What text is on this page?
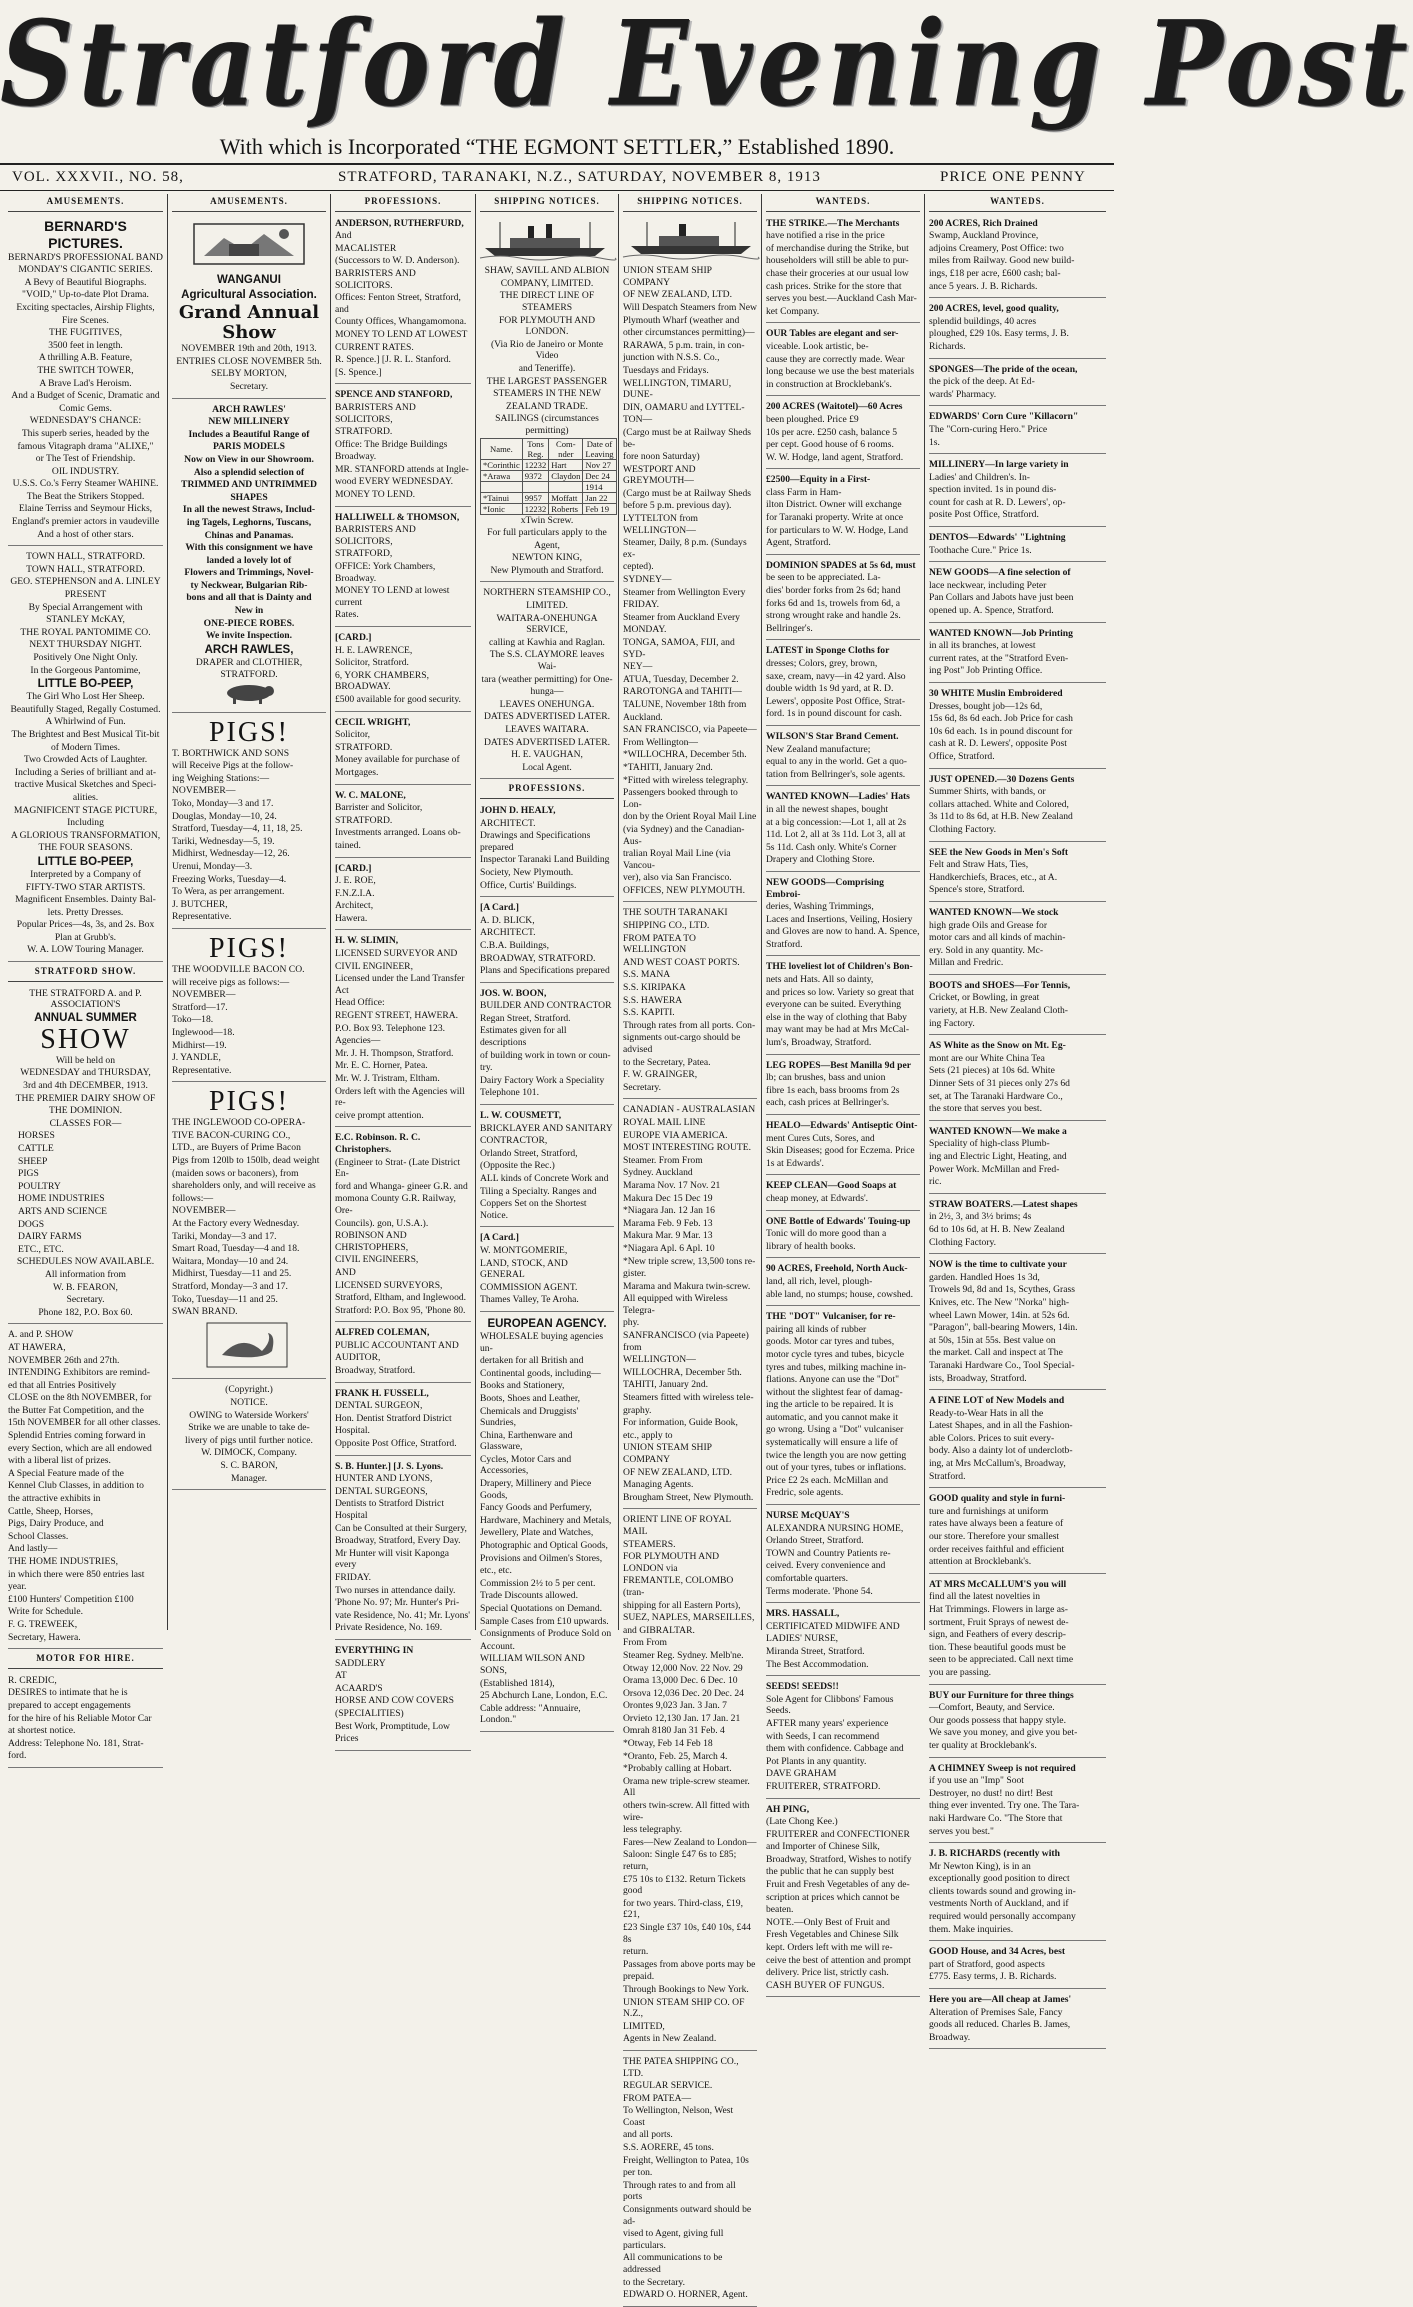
Stratford Evening Post
With which is Incorporated “THE EGMONT SETTLER,” Established 1890.
VOL. XXXVII., NO. 58,	STRATFORD, TARANAKI, N.Z., SATURDAY, NOVEMBER 8, 1913	PRICE ONE PENNY
AMUSEMENTS.
BERNARD'S PICTURES.

BERNARD'S PROFESSIONAL BAND

MONDAY'S CIGANTIC SERIES.

A Bevy of Beautiful Biographs.

"VOID," Up-to-date Plot Drama.

Exciting spectacles, Airship Flights,

Fire Scenes.

THE FUGITIVES,

3500 feet in length.

A thrilling A.B. Feature,

THE SWITCH TOWER,

A Brave Lad's Heroism.

And a Budget of Scenic, Dramatic and

Comic Gems.

WEDNESDAY'S CHANCE:

This superb series, headed by the

famous Vitagraph drama "ALIXE,"

or The Test of Friendship.

OIL INDUSTRY.

U.S.S. Co.'s Ferry Steamer WAHINE.

The Beat the Strikers Stopped.

Elaine Terriss and Seymour Hicks,

England's premier actors in vaudeville

And a host of other stars.

TOWN HALL, STRATFORD.

TOWN HALL, STRATFORD.

GEO. STEPHENSON and A. LINLEY

PRESENT

By Special Arrangement with

STANLEY McKAY,

THE ROYAL PANTOMIME CO.

NEXT THURSDAY NIGHT.

Positively One Night Only.

In the Gorgeous Pantomime,

LITTLE BO-PEEP,

The Girl Who Lost Her Sheep.

Beautifully Staged, Regally Costumed.

A Whirlwind of Fun.

The Brightest and Best Musical Tit-bit

of Modern Times.

Two Crowded Acts of Laughter.

Including a Series of brilliant and at-

tractive Musical Sketches and Speci-

alities.

MAGNIFICENT STAGE PICTURE,

Including

A GLORIOUS TRANSFORMATION,

THE FOUR SEASONS.

LITTLE BO-PEEP,

Interpreted by a Company of

FIFTY-TWO STAR ARTISTS.

Magnificent Ensembles. Dainty Bal-

lets. Pretty Dresses.

Popular Prices—4s, 3s, and 2s. Box

Plan at Grubb's.

W. A. LOW Touring Manager.

STRATFORD SHOW.
THE STRATFORD A. and P. ASSOCIATION'S
ANNUAL SUMMER
SHOW

Will be held on

WEDNESDAY and THURSDAY,

3rd and 4th DECEMBER, 1913.

THE PREMIER DAIRY SHOW OF

THE DOMINION.

CLASSES FOR—

HORSES

CATTLE

SHEEP

PIGS

POULTRY

HOME INDUSTRIES

ARTS AND SCIENCE

DOGS

DAIRY FARMS

ETC., ETC.

SCHEDULES NOW AVAILABLE.

All information from

W. B. FEARON,

Secretary.

Phone 182, P.O. Box 60.

A. and P. SHOW

AT HAWERA,

NOVEMBER 26th and 27th.

INTENDING Exhibitors are remind-

ed that all Entries Positively

CLOSE on the 8th NOVEMBER, for

the Butter Fat Competition, and the

15th NOVEMBER for all other classes.

Splendid Entries coming forward in

every Section, which are all endowed

with a liberal list of prizes.

A Special Feature made of the

Kennel Club Classes, in addition to

the attractive exhibits in

Cattle, Sheep, Horses,

Pigs, Dairy Produce, and

School Classes.

And lastly—

THE HOME INDUSTRIES,

in which there were 850 entries last

year.

£100 Hunters' Competition £100

Write for Schedule.

F. G. TREWEEK,

Secretary, Hawera.

MOTOR FOR HIRE.

R. CREDIC,

DESIRES to intimate that he is

prepared to accept engagements

for the hire of his Reliable Motor Car

at shortest notice.

Address: Telephone No. 181, Strat-

ford.

AMUSEMENTS.

WANGANUI

Agricultural Association.

Grand Annual Show

NOVEMBER 19th and 20th, 1913.

ENTRIES CLOSE NOVEMBER 5th.

SELBY MORTON,

Secretary.

ARCH RAWLES'

NEW MILLINERY

Includes a Beautiful Range of

PARIS MODELS

Now on View in our Showroom.

Also a splendid selection of

TRIMMED AND UNTRIMMED

SHAPES

In all the newest Straws, Includ-

ing Tagels, Leghorns, Tuscans,

Chinas and Panamas.

With this consignment we have

landed a lovely lot of

Flowers and Trimmings, Novel-

ty Neckwear, Bulgarian Rib-

bons and all that is Dainty and

New in

ONE-PIECE ROBES.

We invite Inspection.

ARCH RAWLES,

DRAPER and CLOTHIER,

STRATFORD.

PIGS!

T. BORTHWICK AND SONS

will Receive Pigs at the follow-

ing Weighing Stations:—

NOVEMBER—

Toko, Monday—3 and 17.

Douglas, Monday—10, 24.

Stratford, Tuesday—4, 11, 18, 25.

Tariki, Wednesday—5, 19.

Midhirst, Wednesday—12, 26.

Urenui, Monday—3.

Freezing Works, Tuesday—4.

To Wera, as per arrangement.

J. BUTCHER,

Representative.

PIGS!

THE WOODVILLE BACON CO.

will receive pigs as follows:—

NOVEMBER—

Stratford—17.

Toko—18.

Inglewood—18.

Midhirst—19.

J. YANDLE,

Representative.

PIGS!

THE INGLEWOOD CO-OPERA-

TIVE BACON-CURING CO.,

LTD., are Buyers of Prime Bacon

Pigs from 120lb to 150lb, dead weight

(maiden sows or baconers), from

shareholders only, and will receive as

follows:—

NOVEMBER—

At the Factory every Wednesday.

Tariki, Monday—3 and 17.

Smart Road, Tuesday—4 and 18.

Waitara, Monday—10 and 24.

Midhirst, Tuesday—11 and 25.

Stratford, Monday—3 and 17.

Toko, Tuesday—11 and 25.

SWAN BRAND.

(Copyright.)

NOTICE.

OWING to Waterside Workers'

Strike we are unable to take de-

livery of pigs until further notice.

W. DIMOCK, Company.

S. C. BARON,

Manager.

PROFESSIONS.

ANDERSON, RUTHERFURD,

And

MACALISTER

(Successors to W. D. Anderson).

BARRISTERS AND SOLICITORS.

Offices: Fenton Street, Stratford, and

County Offices, Whangamomona.

MONEY TO LEND AT LOWEST

CURRENT RATES.

R. Spence.] [J. R. L. Stanford.

[S. Spence.]

SPENCE AND STANFORD,

BARRISTERS AND SOLICITORS,

STRATFORD.

Office: The Bridge Buildings

Broadway.

MR. STANFORD attends at Ingle-

wood EVERY WEDNESDAY.

MONEY TO LEND.

HALLIWELL & THOMSON,

BARRISTERS AND SOLICITORS,

STRATFORD,

OFFICE: York Chambers, Broadway.

MONEY TO LEND at lowest current

Rates.

[CARD.]

H. E. LAWRENCE,

Solicitor, Stratford.

6, YORK CHAMBERS, BROADWAY.

£500 available for good security.

CECIL WRIGHT,

Solicitor,

STRATFORD.

Money available for purchase of

Mortgages.

W. C. MALONE,

Barrister and Solicitor,

STRATFORD.

Investments arranged. Loans ob-

tained.

[CARD.]

J. E. ROE,

F.N.Z.I.A.

Architect,

Hawera.

H. W. SLIMIN,

LICENSED SURVEYOR AND

CIVIL ENGINEER,

Licensed under the Land Transfer Act

Head Office:

REGENT STREET, HAWERA.

P.O. Box 93. Telephone 123.

Agencies—

Mr. J. H. Thompson, Stratford.

Mr. E. C. Horner, Patea.

Mr. W. J. Tristram, Eltham.

Orders left with the Agencies will re-

ceive prompt attention.

E.C. Robinson. R. C. Christophers.

(Engineer to Strat- (Late District En-

ford and Whanga- gineer G.R. and

momona County G.R. Railway, Ore-

Councils). gon, U.S.A.).

ROBINSON AND CHRISTOPHERS,

CIVIL ENGINEERS,

AND

LICENSED SURVEYORS,

Stratford, Eltham, and Inglewood.

Stratford: P.O. Box 95, 'Phone 80.

ALFRED COLEMAN,

PUBLIC ACCOUNTANT AND

AUDITOR,

Broadway, Stratford.

FRANK H. FUSSELL,

DENTAL SURGEON,

Hon. Dentist Stratford District

Hospital.

Opposite Post Office, Stratford.

S. B. Hunter.] [J. S. Lyons.

HUNTER AND LYONS,

DENTAL SURGEONS,

Dentists to Stratford District Hospital

Can be Consulted at their Surgery,

Broadway, Stratford, Every Day.

Mr Hunter will visit Kaponga every

FRIDAY.

Two nurses in attendance daily.

'Phone No. 97; Mr. Hunter's Pri-

vate Residence, No. 41; Mr. Lyons'

Private Residence, No. 169.

EVERYTHING IN

SADDLERY

AT

ACAARD'S

HORSE AND COW COVERS

(SPECIALITIES)

Best Work, Promptitude, Low

Prices

SHIPPING NOTICES.

SHAW, SAVILL AND ALBION

COMPANY, LIMITED.

THE DIRECT LINE OF STEAMERS

FOR PLYMOUTH AND LONDON.

(Via Rio de Janeiro or Monte Video

and Teneriffe).

THE LARGEST PASSENGER

STEAMERS IN THE NEW

ZEALAND TRADE.

SAILINGS (circumstances permitting)

Name.	Tons Reg.	Com-nder	Date of Leaving
*Corinthic	12232	Hart	Nov 27
*Arawa	9372	Claydon	Dec 24
			1914
*Tainui	9957	Moffatt	Jan 22
*Ionic	12232	Roberts	Feb 19

xTwin Screw.

For full particulars apply to the

Agent,

NEWTON KING,

New Plymouth and Stratford.

NORTHERN STEAMSHIP CO.,

LIMITED.

WAITARA-ONEHUNGA SERVICE,

calling at Kawhia and Raglan.

The S.S. CLAYMORE leaves Wai-

tara (weather permitting) for One-

hunga—

LEAVES ONEHUNGA.

DATES ADVERTISED LATER.

LEAVES WAITARA.

DATES ADVERTISED LATER.

H. E. VAUGHAN,

Local Agent.

PROFESSIONS.

JOHN D. HEALY,

ARCHITECT.

Drawings and Specifications prepared

Inspector Taranaki Land Building

Society, New Plymouth.

Office, Curtis' Buildings.

[A Card.]

A. D. BLICK,

ARCHITECT.

C.B.A. Buildings,

BROADWAY, STRATFORD.

Plans and Specifications prepared

JOS. W. BOON,

BUILDER AND CONTRACTOR

Regan Street, Stratford.

Estimates given for all descriptions

of building work in town or coun-

try.

Dairy Factory Work a Speciality

Telephone 101.

L. W. COUSMETT,

BRICKLAYER AND SANITARY

CONTRACTOR,

Orlando Street, Stratford,

(Opposite the Rec.)

ALL kinds of Concrete Work and

Tiling a Specialty. Ranges and

Coppers Set on the Shortest Notice.

[A Card.]

W. MONTGOMERIE,

LAND, STOCK, AND GENERAL

COMMISSION AGENT.

Thames Valley, Te Aroha.

EUROPEAN AGENCY.

WHOLESALE buying agencies un-

dertaken for all British and

Continental goods, including—

Books and Stationery,

Boots, Shoes and Leather,

Chemicals and Druggists' Sundries,

China, Earthenware and Glassware,

Cycles, Motor Cars and Accessories,

Drapery, Millinery and Piece Goods,

Fancy Goods and Perfumery,

Hardware, Machinery and Metals,

Jewellery, Plate and Watches,

Photographic and Optical Goods,

Provisions and Oilmen's Stores,

etc., etc.

Commission 2½ to 5 per cent.

Trade Discounts allowed.

Special Quotations on Demand.

Sample Cases from £10 upwards.

Consignments of Produce Sold on

Account.

WILLIAM WILSON AND SONS,

(Established 1814),

25 Abchurch Lane, London, E.C.

Cable address: "Annuaire, London."

SHIPPING NOTICES.

UNION STEAM SHIP COMPANY

OF NEW ZEALAND, LTD.

Will Despatch Steamers from New

Plymouth Wharf (weather and

other circumstances permitting)—

RARAWA, 5 p.m. train, in con-

junction with N.S.S. Co.,

Tuesdays and Fridays.

WELLINGTON, TIMARU, DUNE-

DIN, OAMARU and LYTTEL-

TON—

(Cargo must be at Railway Sheds be-

fore noon Saturday)

WESTPORT AND GREYMOUTH—

(Cargo must be at Railway Sheds

before 5 p.m. previous day).

LYTTELTON from WELLINGTON—

Steamer, Daily, 8 p.m. (Sundays ex-

cepted).

SYDNEY—

Steamer from Wellington Every

FRIDAY.

Steamer from Auckland Every

MONDAY.

TONGA, SAMOA, FIJI, and SYD-

NEY—

ATUA, Tuesday, December 2.

RAROTONGA and TAHITI—

TALUNE, November 18th from

Auckland.

SAN FRANCISCO, via Papeete—

From Wellington—

*WILLOCHRA, December 5th.

*TAHITI, January 2nd.

*Fitted with wireless telegraphy.

Passengers booked through to Lon-

don by the Orient Royal Mail Line

(via Sydney) and the Canadian-Aus-

tralian Royal Mail Line (via Vancou-

ver), also via San Francisco.

OFFICES, NEW PLYMOUTH.

THE SOUTH TARANAKI

SHIPPING CO., LTD.

FROM PATEA TO WELLINGTON

AND WEST COAST PORTS.

S.S. MANA

S.S. KIRIPAKA

S.S. HAWERA

S.S. KAPITI.

Through rates from all ports. Con-

signments out-cargo should be advised

to the Secretary, Patea.

F. W. GRAINGER,

Secretary.

CANADIAN - AUSTRALASIAN

ROYAL MAIL LINE

EUROPE VIA AMERICA.

MOST INTERESTING ROUTE.

Steamer. From From

Sydney. Auckland

Marama Nov. 17 Nov. 21

Makura Dec 15 Dec 19

*Niagara Jan. 12 Jan 16

Marama Feb. 9 Feb. 13

Makura Mar. 9 Mar. 13

*Niagara Apl. 6 Apl. 10

*New triple screw, 13,500 tons re-

gister.

Marama and Makura twin-screw.

All equipped with Wireless Telegra-

phy.

SANFRANCISCO (via Papeete) from

WELLINGTON—

WILLOCHRA, December 5th.

TAHITI, January 2nd.

Steamers fitted with wireless tele-

graphy.

For information, Guide Book,

etc., apply to

UNION STEAM SHIP COMPANY

OF NEW ZEALAND, LTD.

Managing Agents.

Brougham Street, New Plymouth.

ORIENT LINE OF ROYAL MAIL

STEAMERS.

FOR PLYMOUTH AND LONDON via

FREMANTLE, COLOMBO (tran-

shipping for all Eastern Ports),

SUEZ, NAPLES, MARSEILLES,

and GIBRALTAR.

From From

Steamer Reg. Sydney. Melb'ne.

Otway 12,000 Nov. 22 Nov. 29

Orama 13,000 Dec. 6 Dec. 10

Orsova 12,036 Dec. 20 Dec. 24

Orontes 9,023 Jan. 3 Jan. 7

Orvieto 12,130 Jan. 17 Jan. 21

Omrah 8180 Jan 31 Feb. 4

*Otway, Feb 14 Feb 18

*Oranto, Feb. 25, March 4.

*Probably calling at Hobart.

Orama new triple-screw steamer. All

others twin-screw. All fitted with wire-

less telegraphy.

Fares—New Zealand to London—

Saloon: Single £47 6s to £85; return,

£75 10s to £132. Return Tickets good

for two years. Third-class, £19, £21,

£23 Single £37 10s, £40 10s, £44 8s

return.

Passages from above ports may be

prepaid.

Through Bookings to New York.

UNION STEAM SHIP CO. OF N.Z.,

LIMITED,

Agents in New Zealand.

THE PATEA SHIPPING CO., LTD.

REGULAR SERVICE.

FROM PATEA—

To Wellington, Nelson, West Coast

and all ports.

S.S. AORERE, 45 tons.

Freight, Wellington to Patea, 10s

per ton.

Through rates to and from all ports

Consignments outward should be ad-

vised to Agent, giving full particulars.

All communications to be addressed

to the Secretary.

EDWARD O. HORNER, Agent.

WANTEDS.

THE STRIKE.—The Merchants

have notified a rise in the price

of merchandise during the Strike, but

householders will still be able to pur-

chase their groceries at our usual low

cash prices. Strike for the store that

serves you best.—Auckland Cash Mar-

ket Company.

OUR Tables are elegant and ser-

viceable. Look artistic, be-

cause they are correctly made. Wear

long because we use the best materials

in construction at Brocklebank's.

200 ACRES (Waitotel)—60 Acres

been ploughed. Price £9

10s per acre. £250 cash, balance 5

per cept. Good house of 6 rooms.

W. W. Hodge, land agent, Stratford.

£2500—Equity in a First-

class Farm in Ham-

ilton District. Owner will exchange

for Taranaki property. Write at once

for particulars to W. W. Hodge, Land

Agent, Stratford.

DOMINION SPADES at 5s 6d, must

be seen to be appreciated. La-

dies' border forks from 2s 6d; hand

forks 6d and 1s, trowels from 6d, a

strong wrought rake and handle 2s.

Bellringer's.

LATEST in Sponge Cloths for

dresses; Colors, grey, brown,

saxe, cream, navy—in 42 yard. Also

double width 1s 9d yard, at R. D.

Lewers', opposite Post Office, Strat-

ford. 1s in pound discount for cash.

WILSON'S Star Brand Cement.

New Zealand manufacture;

equal to any in the world. Get a quo-

tation from Bellringer's, sole agents.

WANTED KNOWN—Ladies' Hats

in all the newest shapes, bought

at a big concession:—Lot 1, all at 2s

11d. Lot 2, all at 3s 11d. Lot 3, all at

5s 11d. Cash only. White's Corner

Drapery and Clothing Store.

NEW GOODS—Comprising Embroi-

deries, Washing Trimmings,

Laces and Insertions, Veiling, Hosiery

and Gloves are now to hand. A. Spence,

Stratford.

THE loveliest lot of Children's Bon-

nets and Hats. All so dainty,

and prices so low. Variety so great that

everyone can be suited. Everything

else in the way of clothing that Baby

may want may be had at Mrs McCal-

lum's, Broadway, Stratford.

LEG ROPES—Best Manilla 9d per

lb; can brushes, bass and union

fibre 1s each, bass brooms from 2s

each, cash prices at Bellringer's.

HEALO—Edwards' Antiseptic Oint-

ment Cures Cuts, Sores, and

Skin Diseases; good for Eczema. Price

1s at Edwards'.

KEEP CLEAN—Good Soaps at

cheap money, at Edwards'.

ONE Bottle of Edwards' Touing-up

Tonic will do more good than a

library of health books.

90 ACRES, Freehold, North Auck-

land, all rich, level, plough-

able land, no stumps; house, cowshed.

THE "DOT" Vulcaniser, for re-

pairing all kinds of rubber

goods. Motor car tyres and tubes,

motor cycle tyres and tubes, bicycle

tyres and tubes, milking machine in-

flations. Anyone can use the "Dot"

without the slightest fear of damag-

ing the article to be repaired. It is

automatic, and you cannot make it

go wrong. Using a "Dot" vulcaniser

systematically will ensure a life of

twice the length you are now getting

out of your tyres, tubes or inflations.

Price £2 2s each. McMillan and

Fredric, sole agents.

NURSE McQUAY'S

ALEXANDRA NURSING HOME,

Orlando Street, Stratford.

TOWN and Country Patients re-

ceived. Every convenience and

comfortable quarters.

Terms moderate. 'Phone 54.

MRS. HASSALL,

CERTIFICATED MIDWIFE AND

LADIES' NURSE,

Miranda Street, Stratford.

The Best Accommodation.

SEEDS! SEEDS!!

Sole Agent for Clibbons' Famous Seeds.

AFTER many years' experience

with Seeds, I can recommend

them with confidence. Cabbage and

Pot Plants in any quantity.

DAVE GRAHAM

FRUITERER, STRATFORD.

AH PING,

(Late Chong Kee.)

FRUITERER and CONFECTIONER

and Importer of Chinese Silk,

Broadway, Stratford, Wishes to notify

the public that he can supply best

Fruit and Fresh Vegetables of any de-

scription at prices which cannot be

beaten.

NOTE.—Only Best of Fruit and

Fresh Vegetables and Chinese Silk

kept. Orders left with me will re-

ceive the best of attention and prompt

delivery. Price list, strictly cash.

CASH BUYER OF FUNGUS.

WANTEDS.

200 ACRES, Rich Drained

Swamp, Auckland Province,

adjoins Creamery, Post Office: two

miles from Railway. Good new build-

ings, £18 per acre, £600 cash; bal-

ance 5 years. J. B. Richards.

200 ACRES, level, good quality,

splendid buildings, 40 acres

ploughed, £29 10s. Easy terms, J. B.

Richards.

SPONGES—The pride of the ocean,

the pick of the deep. At Ed-

wards' Pharmacy.

EDWARDS' Corn Cure "Killacorn"

The "Corn-curing Hero." Price

1s.

MILLINERY—In large variety in

Ladies' and Children's. In-

spection invited. 1s in pound dis-

count for cash at R. D. Lewers', op-

posite Post Office, Stratford.

DENTOS—Edwards' "Lightning

Toothache Cure." Price 1s.

NEW GOODS—A fine selection of

lace neckwear, including Peter

Pan Collars and Jabots have just been

opened up. A. Spence, Stratford.

WANTED KNOWN—Job Printing

in all its branches, at lowest

current rates, at the "Stratford Even-

ing Post" Job Printing Office.

30 WHITE Muslin Embroidered

Dresses, bought job—12s 6d,

15s 6d, 8s 6d each. Job Price for cash

10s 6d each. 1s in pound discount for

cash at R. D. Lewers', opposite Post

Office, Stratford.

JUST OPENED.—30 Dozens Gents

Summer Shirts, with bands, or

collars attached. White and Colored,

3s 11d to 8s 6d, at H.B. New Zealand

Clothing Factory.

SEE the New Goods in Men's Soft

Felt and Straw Hats, Ties,

Handkerchiefs, Braces, etc., at A.

Spence's store, Stratford.

WANTED KNOWN—We stock

high grade Oils and Grease for

motor cars and all kinds of machin-

ery. Sold in any quantity. Mc-

Millan and Fredric.

BOOTS and SHOES—For Tennis,

Cricket, or Bowling, in great

variety, at H.B. New Zealand Cloth-

ing Factory.

AS White as the Snow on Mt. Eg-

mont are our White China Tea

Sets (21 pieces) at 10s 6d. White

Dinner Sets of 31 pieces only 27s 6d

set, at The Taranaki Hardware Co.,

the store that serves you best.

WANTED KNOWN—We make a

Speciality of high-class Plumb-

ing and Electric Light, Heating, and

Power Work. McMillan and Fred-

ric.

STRAW BOATERS.—Latest shapes

in 2½, 3, and 3½ brims; 4s

6d to 10s 6d, at H. B. New Zealand

Clothing Factory.

NOW is the time to cultivate your

garden. Handled Hoes 1s 3d,

Trowels 9d, 8d and 1s, Scythes, Grass

Knives, etc. The New "Norka" high-

wheel Lawn Mower, 14in. at 52s 6d.

"Paragon", ball-bearing Mowers, 14in.

at 50s, 15in at 55s. Best value on

the market. Call and inspect at The

Taranaki Hardware Co., Tool Special-

ists, Broadway, Stratford.

A FINE LOT of New Models and

Ready-to-Wear Hats in all the

Latest Shapes, and in all the Fashion-

able Colors. Prices to suit every-

body. Also a dainty lot of underclotb-

ing, at Mrs McCallum's, Broadway,

Stratford.

GOOD quality and style in furni-

ture and furnishings at uniform

rates have always been a feature of

our store. Therefore your smallest

order receives faithful and efficient

attention at Brocklebank's.

AT MRS McCALLUM'S you will

find all the latest novelties in

Hat Trimmings. Flowers in large as-

sortment, Fruit Sprays of newest de-

sign, and Feathers of every descrip-

tion. These beautiful goods must be

seen to be appreciated. Call next time

you are passing.

BUY our Furniture for three things

—Comfort, Beauty, and Service.

Our goods possess that happy style.

We save you money, and give you bet-

ter quality at Brocklebank's.

A CHIMNEY Sweep is not required

if you use an "Imp" Soot

Destroyer, no dust! no dirt! Best

thing ever invented. Try one. The Tara-

naki Hardware Co. "The Store that

serves you best."

J. B. RICHARDS (recently with

Mr Newton King), is in an

exceptionally good position to direct

clients towards sound and growing in-

vestments North of Auckland, and if

required would personally accompany

them. Make inquiries.

GOOD House, and 34 Acres, best

part of Stratford, good aspects

£775. Easy terms, J. B. Richards.

Here you are—All cheap at James'

Alteration of Premises Sale, Fancy

goods all reduced. Charles B. James,

Broadway.
